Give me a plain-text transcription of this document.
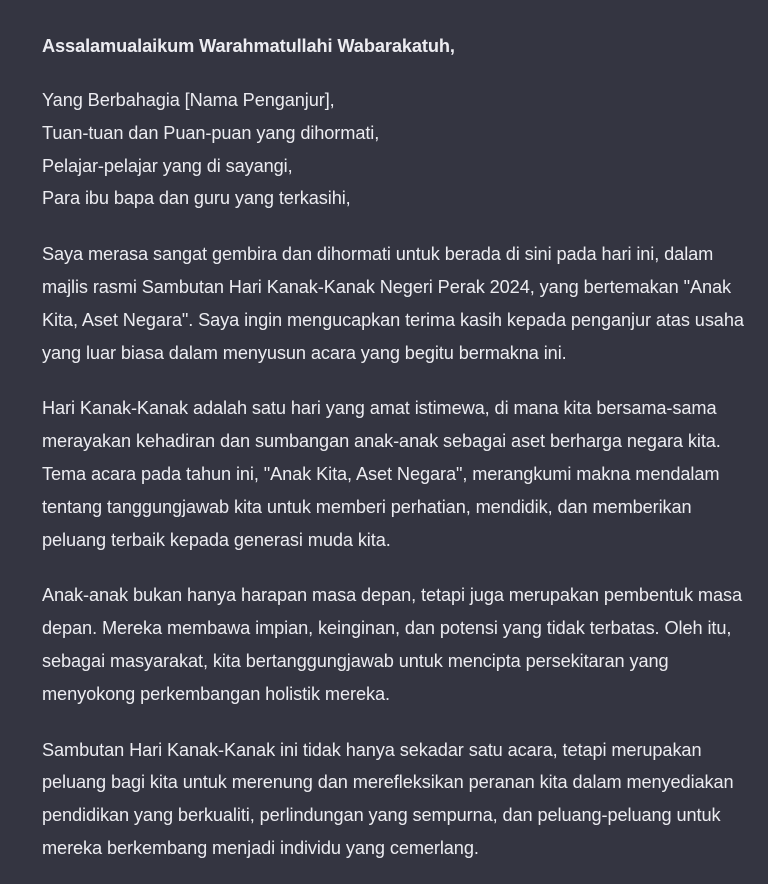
Assalamualaikum Warahmatullahi Wabarakatuh,

Yang Berbahagia [Nama Penganjur],
Tuan-tuan dan Puan-puan yang dihormati,
Pelajar-pelajar yang di sayangi,
Para ibu bapa dan guru yang terkasihi,

Saya merasa sangat gembira dan dihormati untuk berada di sini pada hari ini, dalam majlis rasmi Sambutan Hari Kanak-Kanak Negeri Perak 2024, yang bertemakan "Anak Kita, Aset Negara". Saya ingin mengucapkan terima kasih kepada penganjur atas usaha yang luar biasa dalam menyusun acara yang begitu bermakna ini.

Hari Kanak-Kanak adalah satu hari yang amat istimewa, di mana kita bersama-sama merayakan kehadiran dan sumbangan anak-anak sebagai aset berharga negara kita. Tema acara pada tahun ini, "Anak Kita, Aset Negara", merangkumi makna mendalam tentang tanggungjawab kita untuk memberi perhatian, mendidik, dan memberikan peluang terbaik kepada generasi muda kita.

Anak-anak bukan hanya harapan masa depan, tetapi juga merupakan pembentuk masa depan. Mereka membawa impian, keinginan, dan potensi yang tidak terbatas. Oleh itu, sebagai masyarakat, kita bertanggungjawab untuk mencipta persekitaran yang menyokong perkembangan holistik mereka.

Sambutan Hari Kanak-Kanak ini tidak hanya sekadar satu acara, tetapi merupakan peluang bagi kita untuk merenung dan merefleksikan peranan kita dalam menyediakan pendidikan yang berkualiti, perlindungan yang sempurna, dan peluang-peluang untuk mereka berkembang menjadi individu yang cemerlang.
